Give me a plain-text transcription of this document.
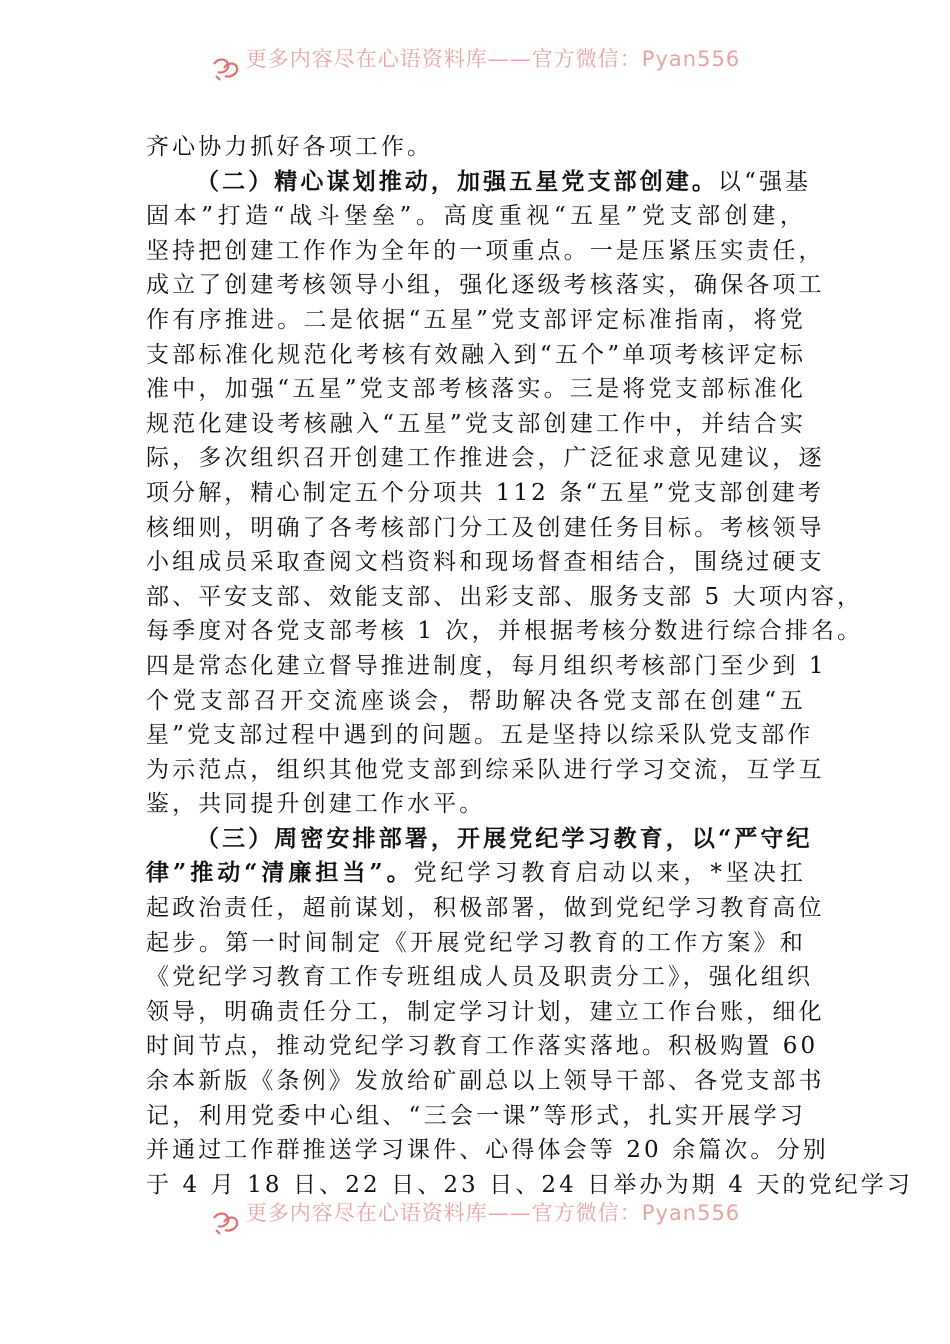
更多内容尽在心语资料库——官方微信：Pyan556
齐心协力抓好各项工作。
（二）精心谋划推动，加强五星党支部创建。以“强基
固本”打造“战斗堡垒”。高度重视“五星”党支部创建，
坚持把创建工作作为全年的一项重点。一是压紧压实责任，
成立了创建考核领导小组，强化逐级考核落实，确保各项工
作有序推进。二是依据“五星”党支部评定标准指南，将党
支部标准化规范化考核有效融入到“五个”单项考核评定标
准中，加强“五星”党支部考核落实。三是将党支部标准化
规范化建设考核融入“五星”党支部创建工作中，并结合实
际，多次组织召开创建工作推进会，广泛征求意见建议，逐
项分解，精心制定五个分项共 112 条“五星”党支部创建考
核细则，明确了各考核部门分工及创建任务目标。考核领导
小组成员采取查阅文档资料和现场督查相结合，围绕过硬支
部、平安支部、效能支部、出彩支部、服务支部 5 大项内容，
每季度对各党支部考核 1 次，并根据考核分数进行综合排名。
四是常态化建立督导推进制度，每月组织考核部门至少到 1
个党支部召开交流座谈会，帮助解决各党支部在创建“五
星”党支部过程中遇到的问题。五是坚持以综采队党支部作
为示范点，组织其他党支部到综采队进行学习交流，互学互
鉴，共同提升创建工作水平。
（三）周密安排部署，开展党纪学习教育，以“严守纪
律”推动“清廉担当”。党纪学习教育启动以来，*坚决扛
起政治责任，超前谋划，积极部署，做到党纪学习教育高位
起步。第一时间制定《开展党纪学习教育的工作方案》和
《党纪学习教育工作专班组成人员及职责分工》，强化组织
领导，明确责任分工，制定学习计划，建立工作台账，细化
时间节点，推动党纪学习教育工作落实落地。积极购置 60
余本新版《条例》发放给矿副总以上领导干部、各党支部书
记，利用党委中心组、“三会一课”等形式，扎实开展学习
并通过工作群推送学习课件、心得体会等 20 余篇次。分别
于 4 月 18 日、22 日、23 日、24 日举办为期 4 天的党纪学习
更多内容尽在心语资料库——官方微信：Pyan556
